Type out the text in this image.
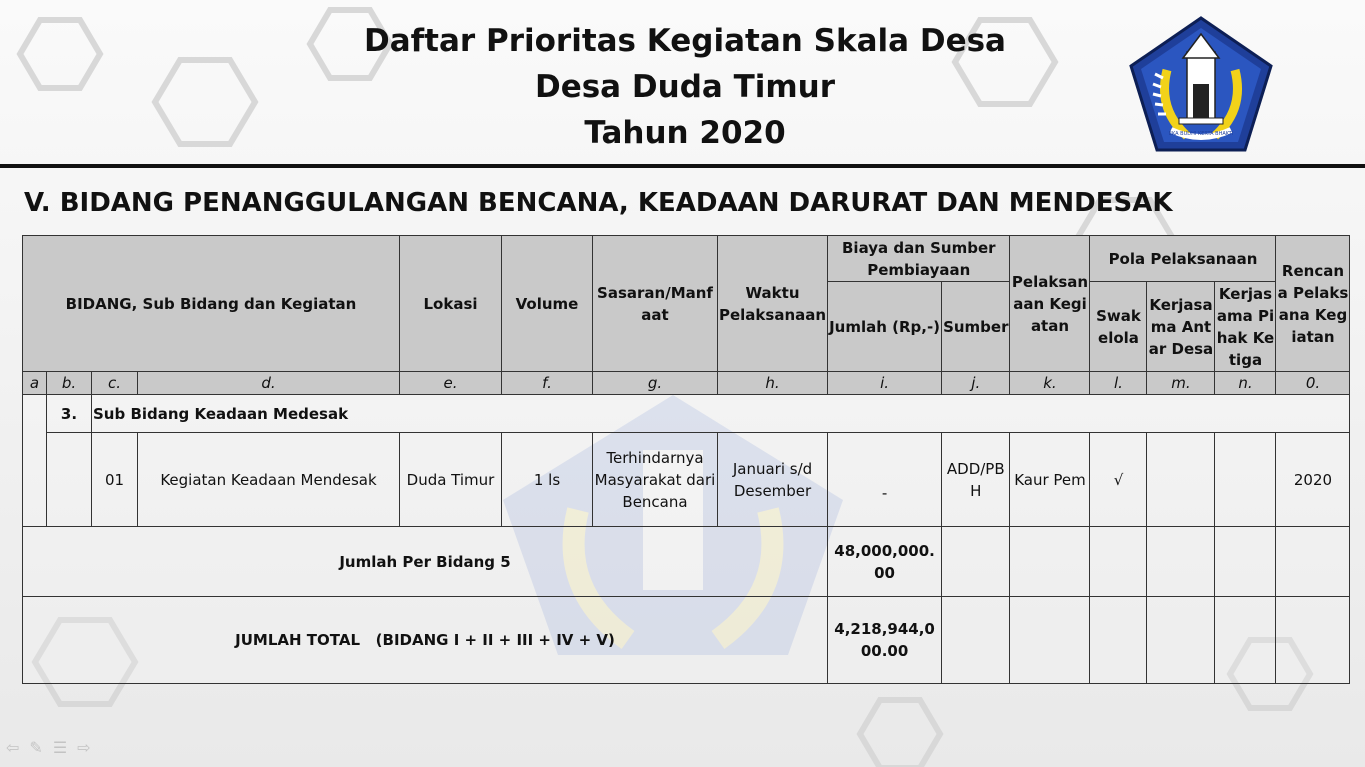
Daftar Prioritas Kegiatan Skala Desa
Desa Duda Timur
Tahun 2020	EKA BUDHI KERTA BHAKTI
V. BIDANG PENANGGULANGAN BENCANA, KEADAAN DARURAT DAN MENDESAK
BIDANG, Sub Bidang dan Kegiatan				Lokasi	Volume	Sasaran/Manfaat	Waktu Pelaksanaan	Biaya dan Sumber Pembiayaan		Pelaksanaan Kegiatan	Pola Pelaksanaan			Rencana Pelaksana Kegiatan
								Jumlah (Rp,-)	Sumber		Swakelola	Kerjasama Antar Desa	Kerjasama Pihak Ketiga	

a	b.	c.	d.	e.	f.	g.	h.	i.	j.	k.	l.	m.	n.	0.
	3.	Sub Bidang Keadaan Medesak												
		01	Kegiatan Keadaan Mendesak	Duda Timur	1 ls	Terhindarnya Masyarakat dari Bencana	Januari s/d Desember	-	ADD/PBH	Kaur Pem	√			2020
Jumlah Per Bidang 5								48,000,000.00						
JUMLAH TOTAL   (BIDANG I + II + III + IV + V)								4,218,944,000.00						
⇦ ✎ ☰ ⇨
